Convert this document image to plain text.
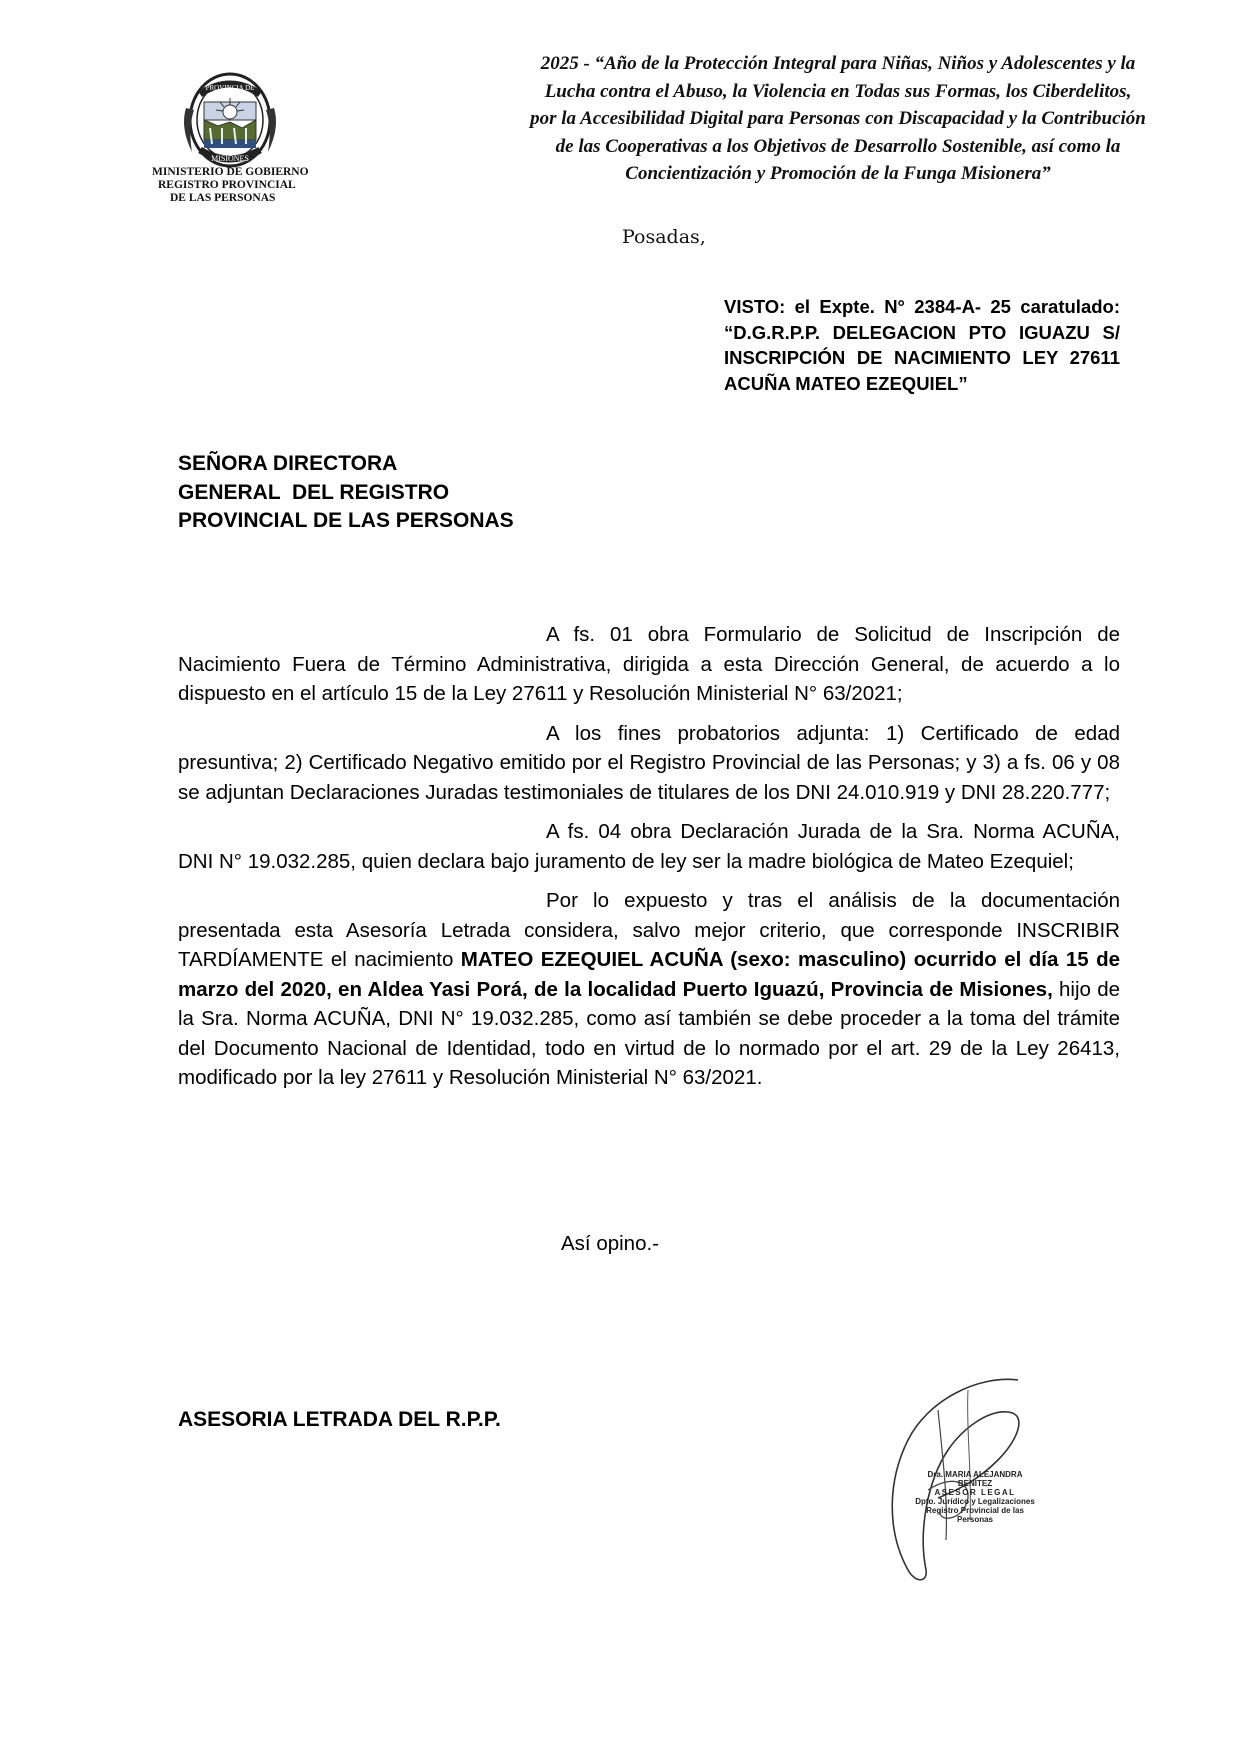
PROVINCIA DE
MISIONES
MINISTERIO DE GOBIERNO
REGISTRO PROVINCIAL
DE LAS PERSONAS
2025 - “Año de la Protección Integral para Niñas, Niños y Adolescentes y la
Lucha contra el Abuso, la Violencia en Todas sus Formas, los Ciberdelitos,
por la Accesibilidad Digital para Personas con Discapacidad y la Contribución
de las Cooperativas a los Objetivos de Desarrollo Sostenible, así como la
Concientización y Promoción de la Funga Misionera”
Posadas,
VISTO: el Expte. N° 2384-A- 25 caratulado: “D.G.R.P.P. DELEGACION PTO IGUAZU S/ INSCRIPCIÓN DE NACIMIENTO LEY 27611 ACUÑA MATEO EZEQUIEL”
SEÑORA DIRECTORA
GENERAL  DEL REGISTRO
PROVINCIAL DE LAS PERSONAS

A fs. 01 obra Formulario de Solicitud de Inscripción de Nacimiento Fuera de Término Administrativa, dirigida a esta Dirección General, de acuerdo a lo dispuesto en el artículo 15 de la Ley 27611 y Resolución Ministerial N° 63/2021;

A los fines probatorios adjunta: 1) Certificado de edad presuntiva; 2) Certificado Negativo emitido por el Registro Provincial de las Personas; y 3) a fs. 06 y 08 se adjuntan Declaraciones Juradas testimoniales de titulares de los DNI 24.010.919 y DNI 28.220.777;

A fs. 04 obra Declaración Jurada de la Sra. Norma ACUÑA, DNI N° 19.032.285, quien declara bajo juramento de ley ser la madre biológica de Mateo Ezequiel;

Por lo expuesto y tras el análisis de la documentación presentada esta Asesoría Letrada considera, salvo mejor criterio, que corresponde INSCRIBIR TARDÍAMENTE el nacimiento MATEO EZEQUIEL ACUÑA (sexo: masculino) ocurrido el día 15 de marzo del 2020, en Aldea Yasi Porá, de la localidad Puerto Iguazú, Provincia de Misiones, hijo de la Sra. Norma ACUÑA, DNI N° 19.032.285, como así también se debe proceder a la toma del trámite del Documento Nacional de Identidad, todo en virtud de lo normado por el art. 29 de la Ley 26413, modificado por la ley 27611 y Resolución Ministerial N° 63/2021.

Así opino.-
ASESORIA LETRADA DEL R.P.P.
Dra. MARIA ALEJANDRA BENITEZ
ASESOR LEGAL
Dpto. Jurídico y Legalizaciones
Registro Provincial de las Personas
